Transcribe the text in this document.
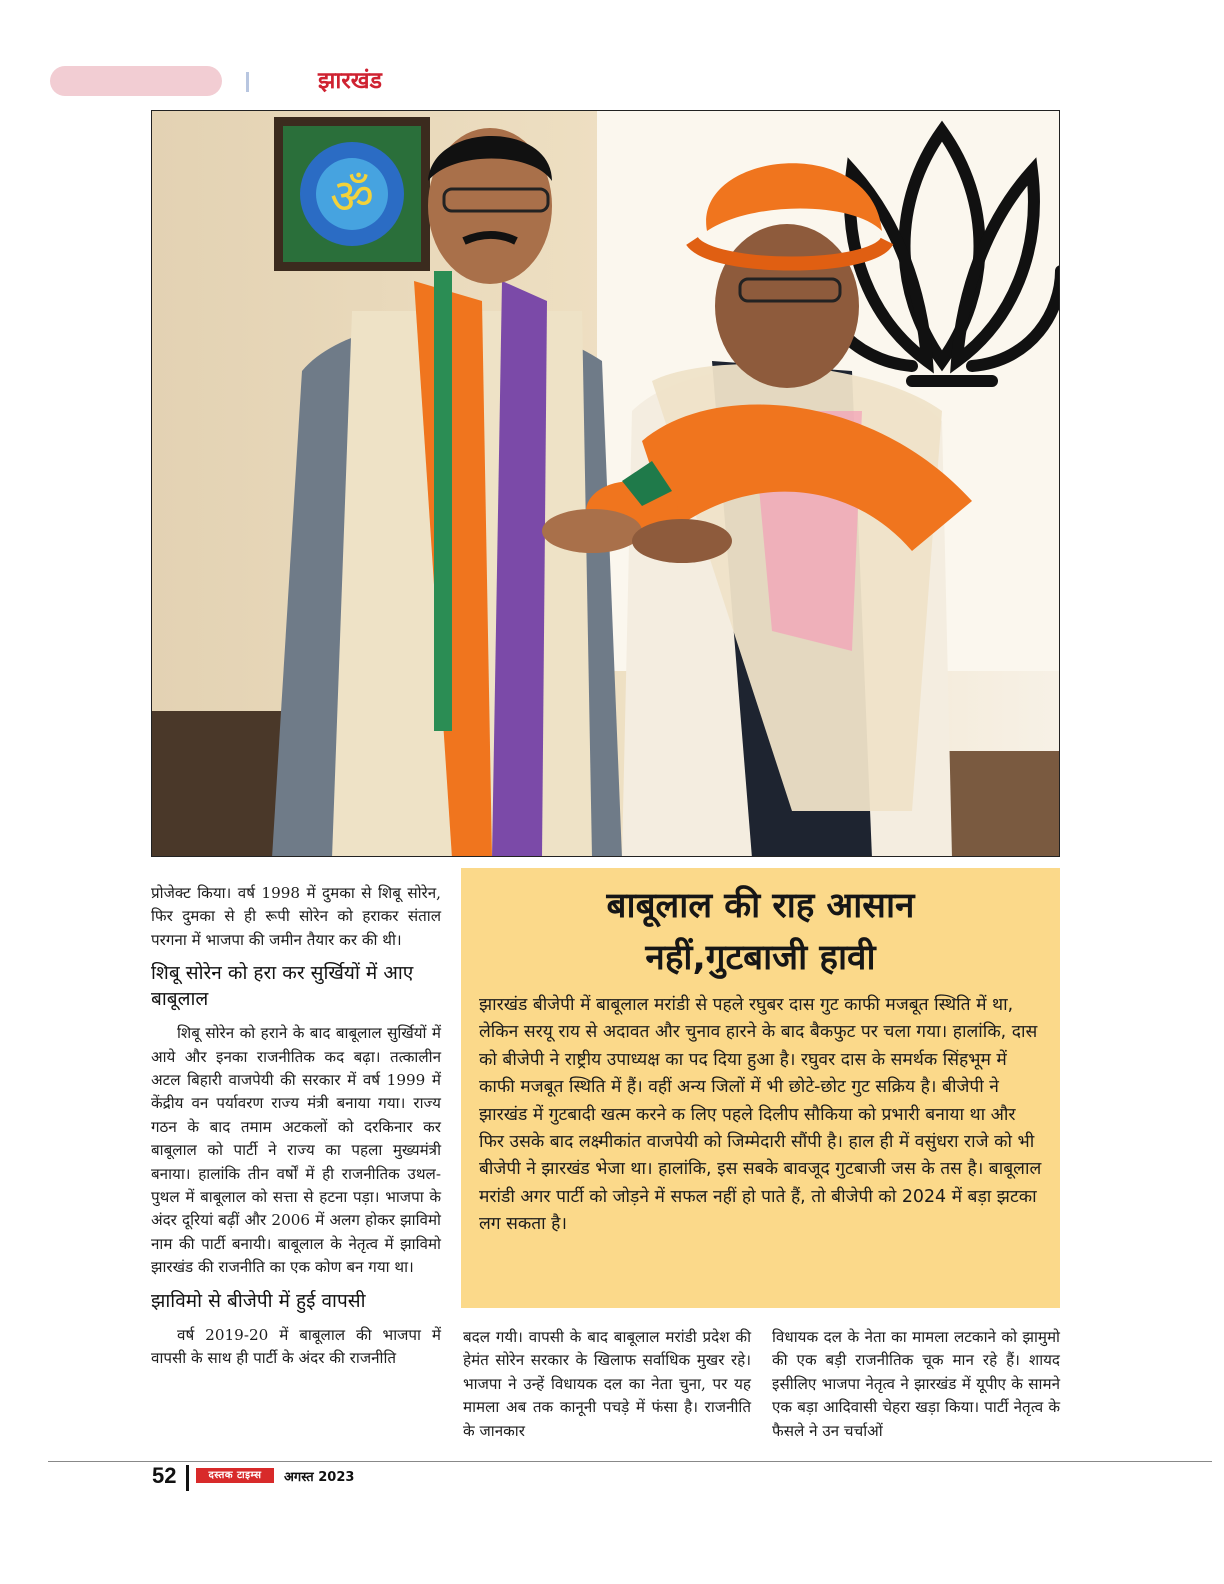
झारखंड
ॐ

प्रोजेक्ट किया। वर्ष 1998 में दुमका से शिबू सोरेन, फिर दुमका से ही रूपी सोरेन को हराकर संताल परगना में भाजपा की जमीन तैयार कर की थी।

शिबू सोरेन को हरा कर सुर्खियों में आए बाबूलाल

शिबू सोरेन को हराने के बाद बाबूलाल सुर्खियों में आये और इनका राजनीतिक कद बढ़ा। तत्कालीन अटल बिहारी वाजपेयी की सरकार में वर्ष 1999 में केंद्रीय वन पर्यावरण राज्य मंत्री बनाया गया। राज्य गठन के बाद तमाम अटकलों को दरकिनार कर बाबूलाल को पार्टी ने राज्य का पहला मुख्यमंत्री बनाया। हालांकि तीन वर्षों में ही राजनीतिक उथल-पुथल में बाबूलाल को सत्ता से हटना पड़ा। भाजपा के अंदर दूरियां बढ़ीं और 2006 में अलग होकर झाविमो नाम की पार्टी बनायी। बाबूलाल के नेतृत्व में झाविमो झारखंड की राजनीति का एक कोण बन गया था।

झाविमो से बीजेपी में हुई वापसी

वर्ष 2019-20 में बाबूलाल की भाजपा में वापसी के साथ ही पार्टी के अंदर की राजनीति

बाबूलाल की राह आसान
नहीं,गुटबाजी हावी

झारखंड बीजेपी में बाबूलाल मरांडी से पहले रघुबर दास गुट काफी मजबूत स्थिति में था, लेकिन सरयू राय से अदावत और चुनाव हारने के बाद बैकफुट पर चला गया। हालांकि, दास को बीजेपी ने राष्ट्रीय उपाध्यक्ष का पद दिया हुआ है। रघुवर दास के समर्थक सिंहभूम में काफी मजबूत स्थिति में हैं। वहीं अन्य जिलों में भी छोटे-छोट गुट सक्रिय है। बीजेपी ने झारखंड में गुटबादी खत्म करने क लिए पहले दिलीप सौकिया को प्रभारी बनाया था और फिर उसके बाद लक्ष्मीकांत वाजपेयी को जिम्मेदारी सौंपी है। हाल ही में वसुंधरा राजे को भी बीजेपी ने झारखंड भेजा था। हालांकि, इस सबके बावजूद गुटबाजी जस के तस है। बाबूलाल मरांडी अगर पार्टी को जोड़ने में सफल नहीं हो पाते हैं, तो बीजेपी को 2024 में बड़ा झटका लग सकता है।

बदल गयी। वापसी के बाद बाबूलाल मरांडी प्रदेश की हेमंत सोरेन सरकार के खिलाफ सर्वाधिक मुखर रहे। भाजपा ने उन्हें विधायक दल का नेता चुना, पर यह मामला अब तक कानूनी पचड़े में फंसा है। राजनीति के जानकार

विधायक दल के नेता का मामला लटकाने को झामुमो की एक बड़ी राजनीतिक चूक मान रहे हैं। शायद इसीलिए भाजपा नेतृत्व ने झारखंड में यूपीए के सामने एक बड़ा आदिवासी चेहरा खड़ा किया। पार्टी नेतृत्व के फैसले ने उन चर्चाओं

52	दस्तक टाइम्स	अगस्त 2023
